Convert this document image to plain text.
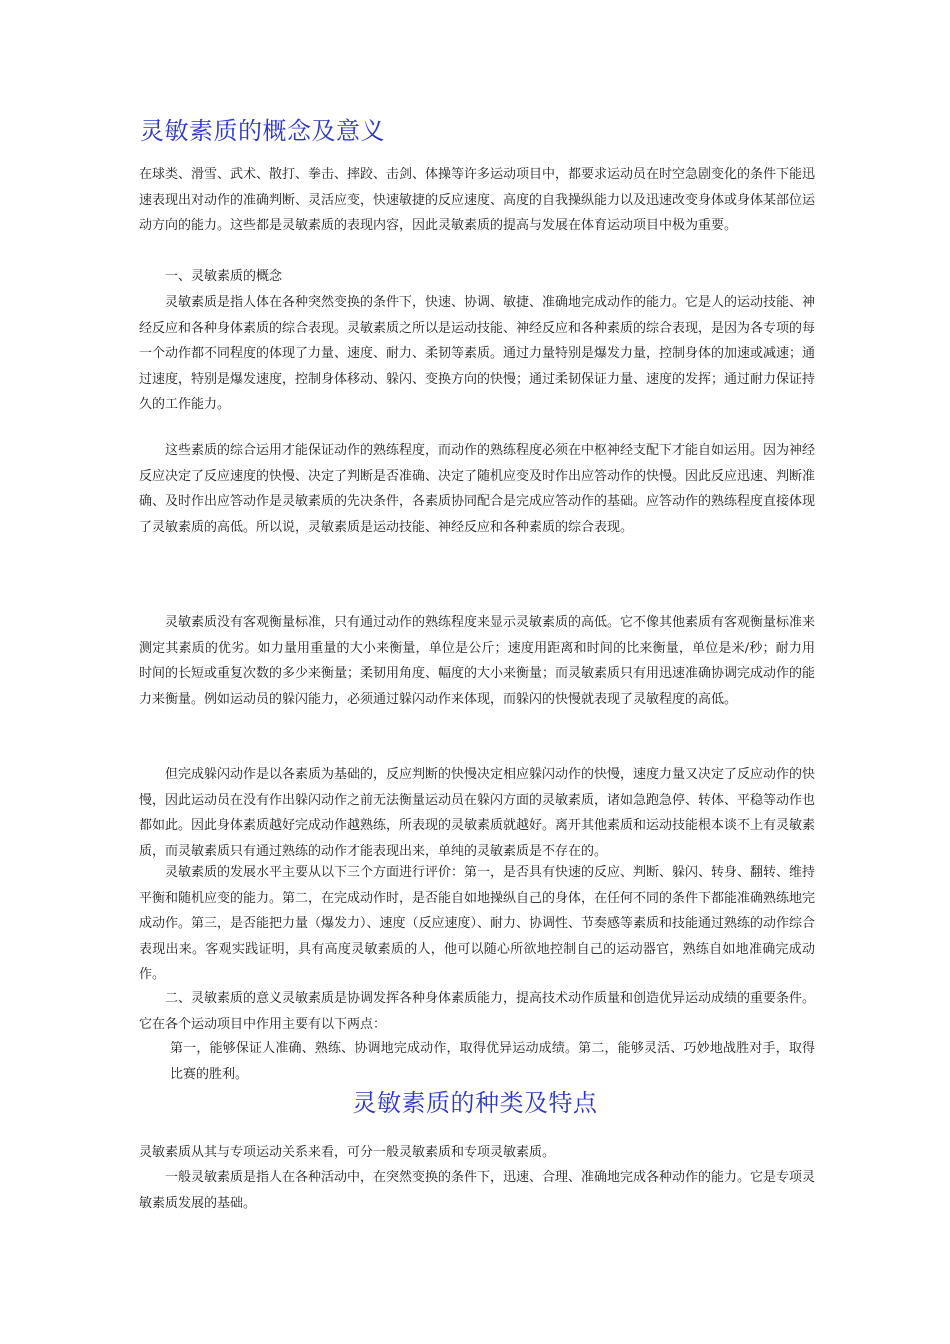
灵敏素质的概念及意义

在球类、滑雪、武术、散打、拳击、摔跤、击剑、体操等许多运动项目中，都要求运动员在时空急剧变化的条件下能迅速表现出对动作的准确判断、灵活应变，快速敏捷的反应速度、高度的自我操纵能力以及迅速改变身体或身体某部位运动方向的能力。这些都是灵敏素质的表现内容，因此灵敏素质的提高与发展在体育运动项目中极为重要。

一、灵敏素质的概念

灵敏素质是指人体在各种突然变换的条件下，快速、协调、敏捷、准确地完成动作的能力。它是人的运动技能、神经反应和各种身体素质的综合表现。灵敏素质之所以是运动技能、神经反应和各种素质的综合表现，是因为各专项的每一个动作都不同程度的体现了力量、速度、耐力、柔韧等素质。通过力量特别是爆发力量，控制身体的加速或减速；通过速度，特别是爆发速度，控制身体移动、躲闪、变换方向的快慢；通过柔韧保证力量、速度的发挥；通过耐力保证持久的工作能力。

这些素质的综合运用才能保证动作的熟练程度，而动作的熟练程度必须在中枢神经支配下才能自如运用。因为神经反应决定了反应速度的快慢、决定了判断是否准确、决定了随机应变及时作出应答动作的快慢。因此反应迅速、判断准确、及时作出应答动作是灵敏素质的先决条件，各素质协同配合是完成应答动作的基础。应答动作的熟练程度直接体现了灵敏素质的高低。所以说，灵敏素质是运动技能、神经反应和各种素质的综合表现。

灵敏素质没有客观衡量标准，只有通过动作的熟练程度来显示灵敏素质的高低。它不像其他素质有客观衡量标准来测定其素质的优劣。如力量用重量的大小来衡量，单位是公斤；速度用距离和时间的比来衡量，单位是米/秒；耐力用时间的长短或重复次数的多少来衡量；柔韧用角度、幅度的大小来衡量；而灵敏素质只有用迅速准确协调完成动作的能力来衡量。例如运动员的躲闪能力，必须通过躲闪动作来体现，而躲闪的快慢就表现了灵敏程度的高低。

但完成躲闪动作是以各素质为基础的，反应判断的快慢决定相应躲闪动作的快慢，速度力量又决定了反应动作的快慢，因此运动员在没有作出躲闪动作之前无法衡量运动员在躲闪方面的灵敏素质，诸如急跑急停、转体、平稳等动作也都如此。因此身体素质越好完成动作越熟练，所表现的灵敏素质就越好。离开其他素质和运动技能根本谈不上有灵敏素质，而灵敏素质只有通过熟练的动作才能表现出来，单纯的灵敏素质是不存在的。

灵敏素质的发展水平主要从以下三个方面进行评价：第一，是否具有快速的反应、判断、躲闪、转身、翻转、维持平衡和随机应变的能力。第二，在完成动作时，是否能自如地操纵自己的身体，在任何不同的条件下都能准确熟练地完成动作。第三，是否能把力量（爆发力）、速度（反应速度）、耐力、协调性、节奏感等素质和技能通过熟练的动作综合表现出来。客观实践证明，具有高度灵敏素质的人，他可以随心所欲地控制自己的运动器官，熟练自如地准确完成动作。

二、灵敏素质的意义灵敏素质是协调发挥各种身体素质能力，提高技术动作质量和创造优异运动成绩的重要条件。它在各个运动项目中作用主要有以下两点：

第一，能够保证人准确、熟练、协调地完成动作，取得优异运动成绩。第二，能够灵活、巧妙地战胜对手，取得比赛的胜利。

灵敏素质的种类及特点

灵敏素质从其与专项运动关系来看，可分一般灵敏素质和专项灵敏素质。

一般灵敏素质是指人在各种活动中，在突然变换的条件下，迅速、合理、准确地完成各种动作的能力。它是专项灵敏素质发展的基础。
